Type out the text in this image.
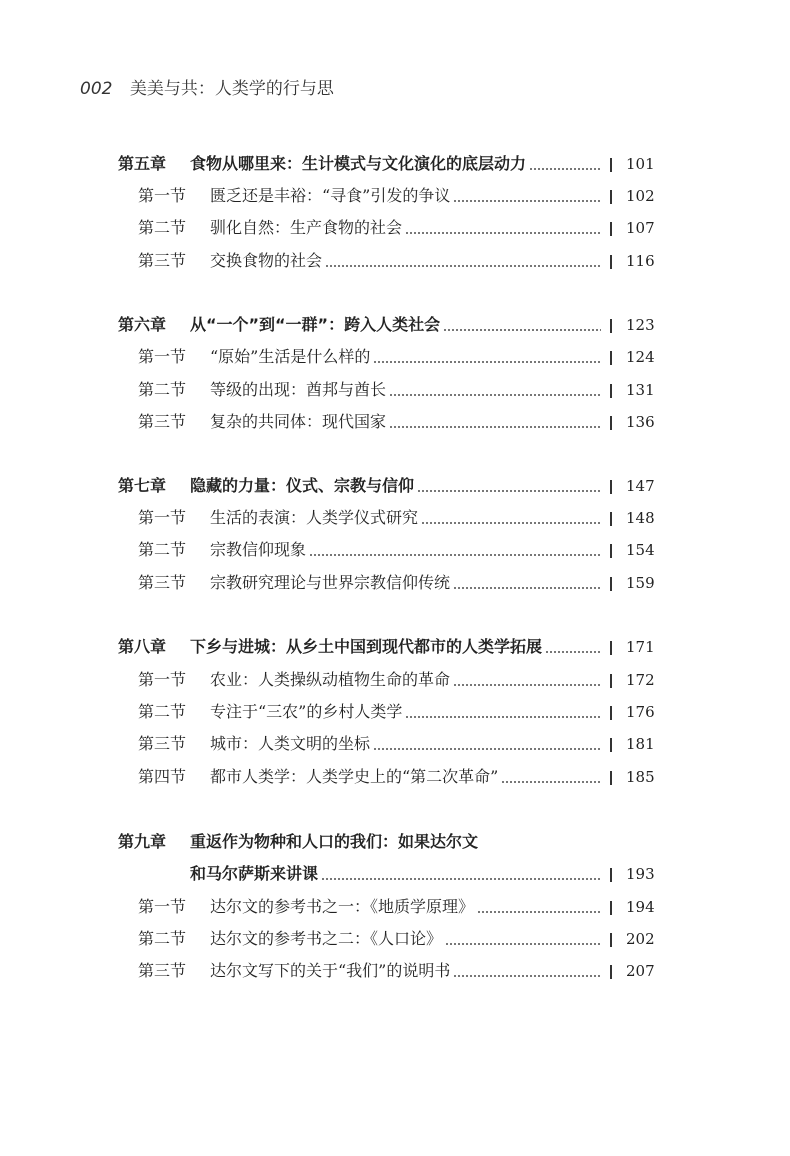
002 美美与共：人类学的行与思
第五章 食物从哪里来：生计模式与文化演化的底层动力	101
第一节 匮乏还是丰裕：“寻食”引发的争议	102
第二节 驯化自然：生产食物的社会	107
第三节 交换食物的社会	116
第六章 从“一个”到“一群”：跨入人类社会	123
第一节 “原始”生活是什么样的	124
第二节 等级的出现：酋邦与酋长	131
第三节 复杂的共同体：现代国家	136
第七章 隐藏的力量：仪式、宗教与信仰	147
第一节 生活的表演：人类学仪式研究	148
第二节 宗教信仰现象	154
第三节 宗教研究理论与世界宗教信仰传统	159
第八章 下乡与进城：从乡土中国到现代都市的人类学拓展	171
第一节 农业：人类操纵动植物生命的革命	172
第二节 专注于“三农”的乡村人类学	176
第三节 城市：人类文明的坐标	181
第四节 都市人类学：人类学史上的“第二次革命”	185
第九章 重返作为物种和人口的我们：如果达尔文
和马尔萨斯来讲课	193
第一节 达尔文的参考书之一：《地质学原理》	194
第二节 达尔文的参考书之二：《人口论》	202
第三节 达尔文写下的关于“我们”的说明书	207
